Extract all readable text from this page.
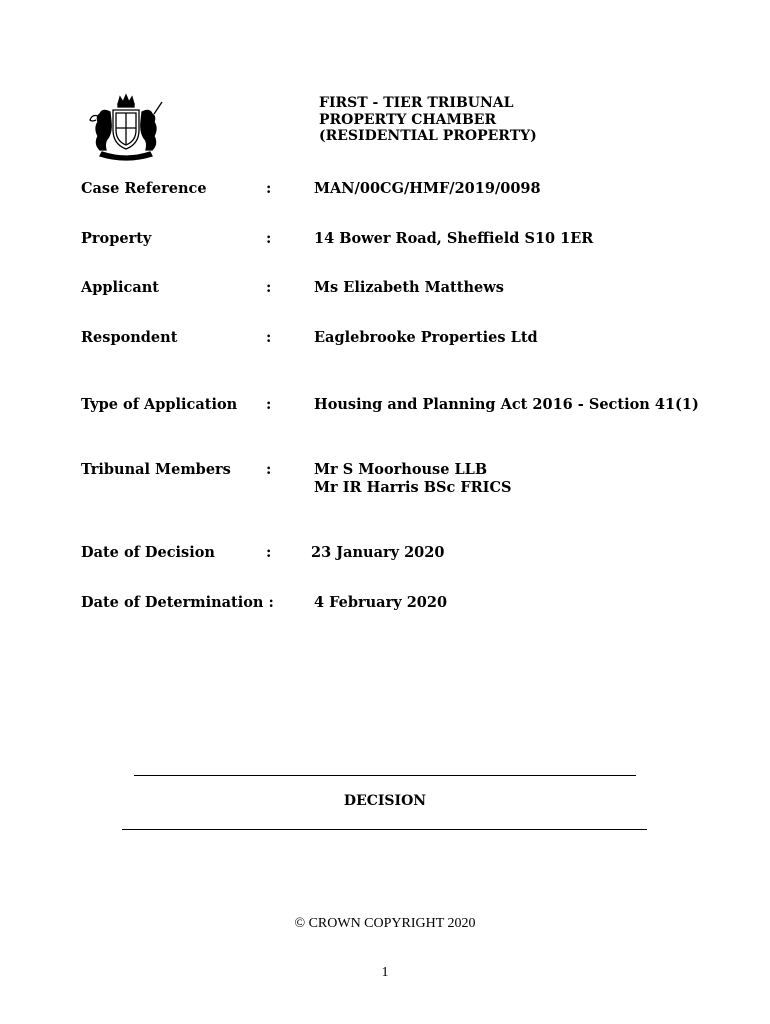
FIRST - TIER TRIBUNAL
PROPERTY CHAMBER
(RESIDENTIAL PROPERTY)
Case Reference	:	MAN/00CG/HMF/2019/0098
Property	:	14 Bower Road, Sheffield S10 1ER
Applicant	:	Ms Elizabeth Matthews
Respondent	:	Eaglebrooke Properties Ltd
Type of Application :	Housing and Planning Act 2016 - Section 41(1)
Tribunal Members :	Mr S Moorhouse LLB
Mr IR Harris BSc FRICS
Date of Decision	:	23 January 2020
Date of Determination :	4 February 2020
DECISION
© CROWN COPYRIGHT 2020
1
